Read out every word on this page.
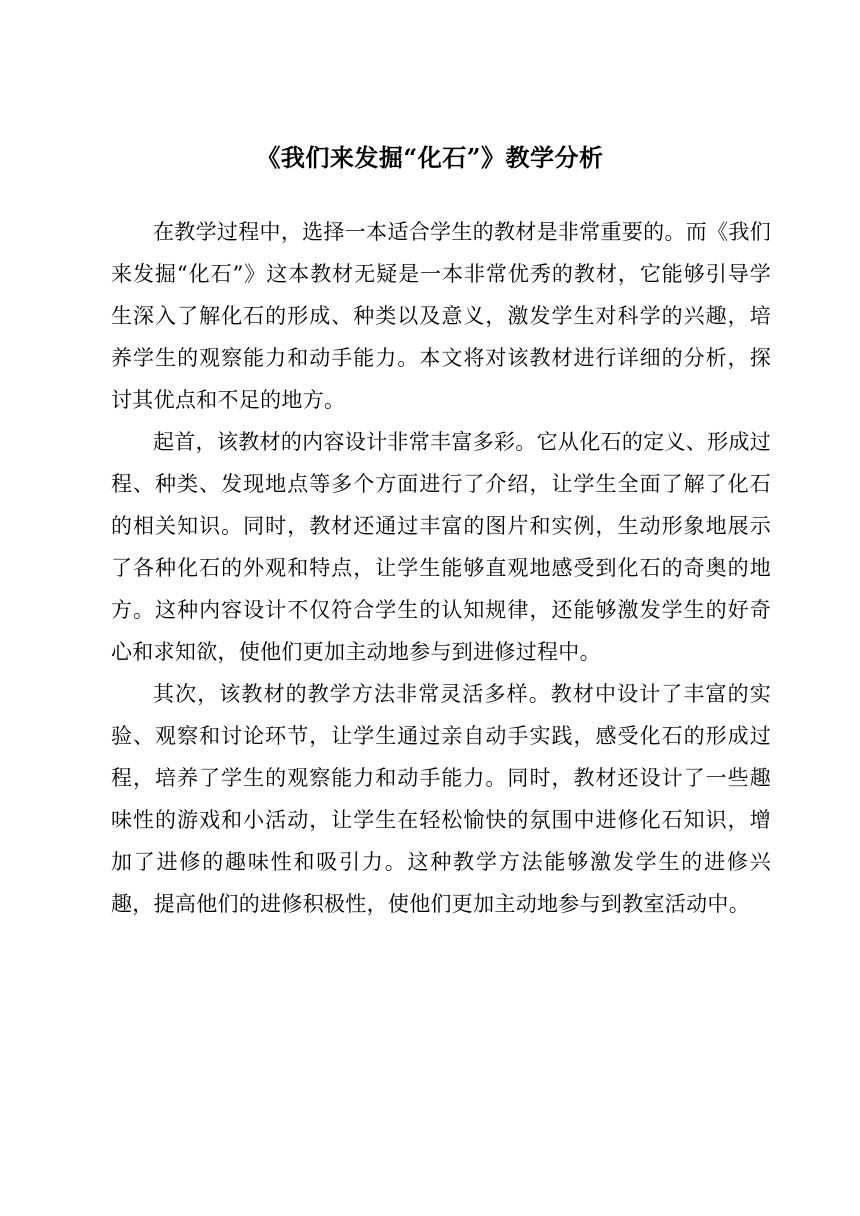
《我们来发掘“化石”》教学分析

在教学过程中，选择一本适合学生的教材是非常重要的。而《我们来发掘“化石”》这本教材无疑是一本非常优秀的教材，它能够引导学生深入了解化石的形成、种类以及意义，激发学生对科学的兴趣，培养学生的观察能力和动手能力。本文将对该教材进行详细的分析，探讨其优点和不足的地方。

起首，该教材的内容设计非常丰富多彩。它从化石的定义、形成过程、种类、发现地点等多个方面进行了介绍，让学生全面了解了化石的相关知识。同时，教材还通过丰富的图片和实例，生动形象地展示了各种化石的外观和特点，让学生能够直观地感受到化石的奇奥的地方。这种内容设计不仅符合学生的认知规律，还能够激发学生的好奇心和求知欲，使他们更加主动地参与到进修过程中。

其次，该教材的教学方法非常灵活多样。教材中设计了丰富的实验、观察和讨论环节，让学生通过亲自动手实践，感受化石的形成过程，培养了学生的观察能力和动手能力。同时，教材还设计了一些趣味性的游戏和小活动，让学生在轻松愉快的氛围中进修化石知识，增加了进修的趣味性和吸引力。这种教学方法能够激发学生的进修兴趣，提高他们的进修积极性，使他们更加主动地参与到教室活动中。
